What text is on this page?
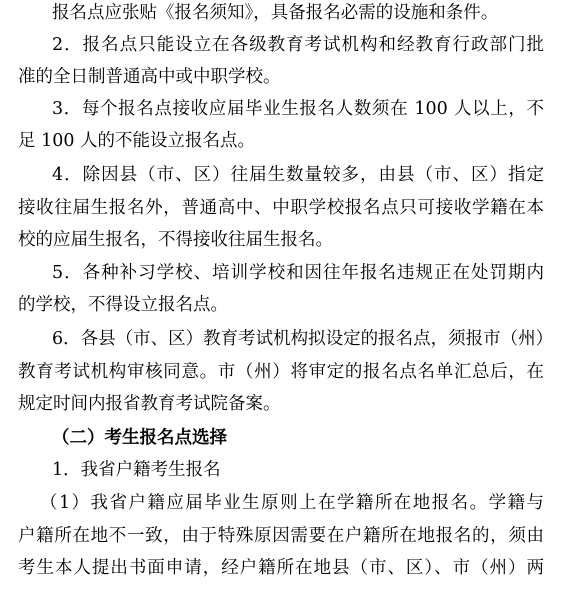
报名点应张贴《报名须知》，具备报名必需的设施和条件。
2．报名点只能设立在各级教育考试机构和经教育行政部门批
准的全日制普通高中或中职学校。
3．每个报名点接收应届毕业生报名人数须在 100 人以上，不
足 100 人的不能设立报名点。
4．除因县（市、区）往届生数量较多，由县（市、区）指定
接收往届生报名外，普通高中、中职学校报名点只可接收学籍在本
校的应届生报名，不得接收往届生报名。
5．各种补习学校、培训学校和因往年报名违规正在处罚期内
的学校，不得设立报名点。
6．各县（市、区）教育考试机构拟设定的报名点，须报市（州）
教育考试机构审核同意。市（州）将审定的报名点名单汇总后，在
规定时间内报省教育考试院备案。
（二）考生报名点选择
1．我省户籍考生报名
（1）我省户籍应届毕业生原则上在学籍所在地报名。学籍与
户籍所在地不一致，由于特殊原因需要在户籍所在地报名的，须由
考生本人提出书面申请，经户籍所在地县（市、区）、市（州）两
